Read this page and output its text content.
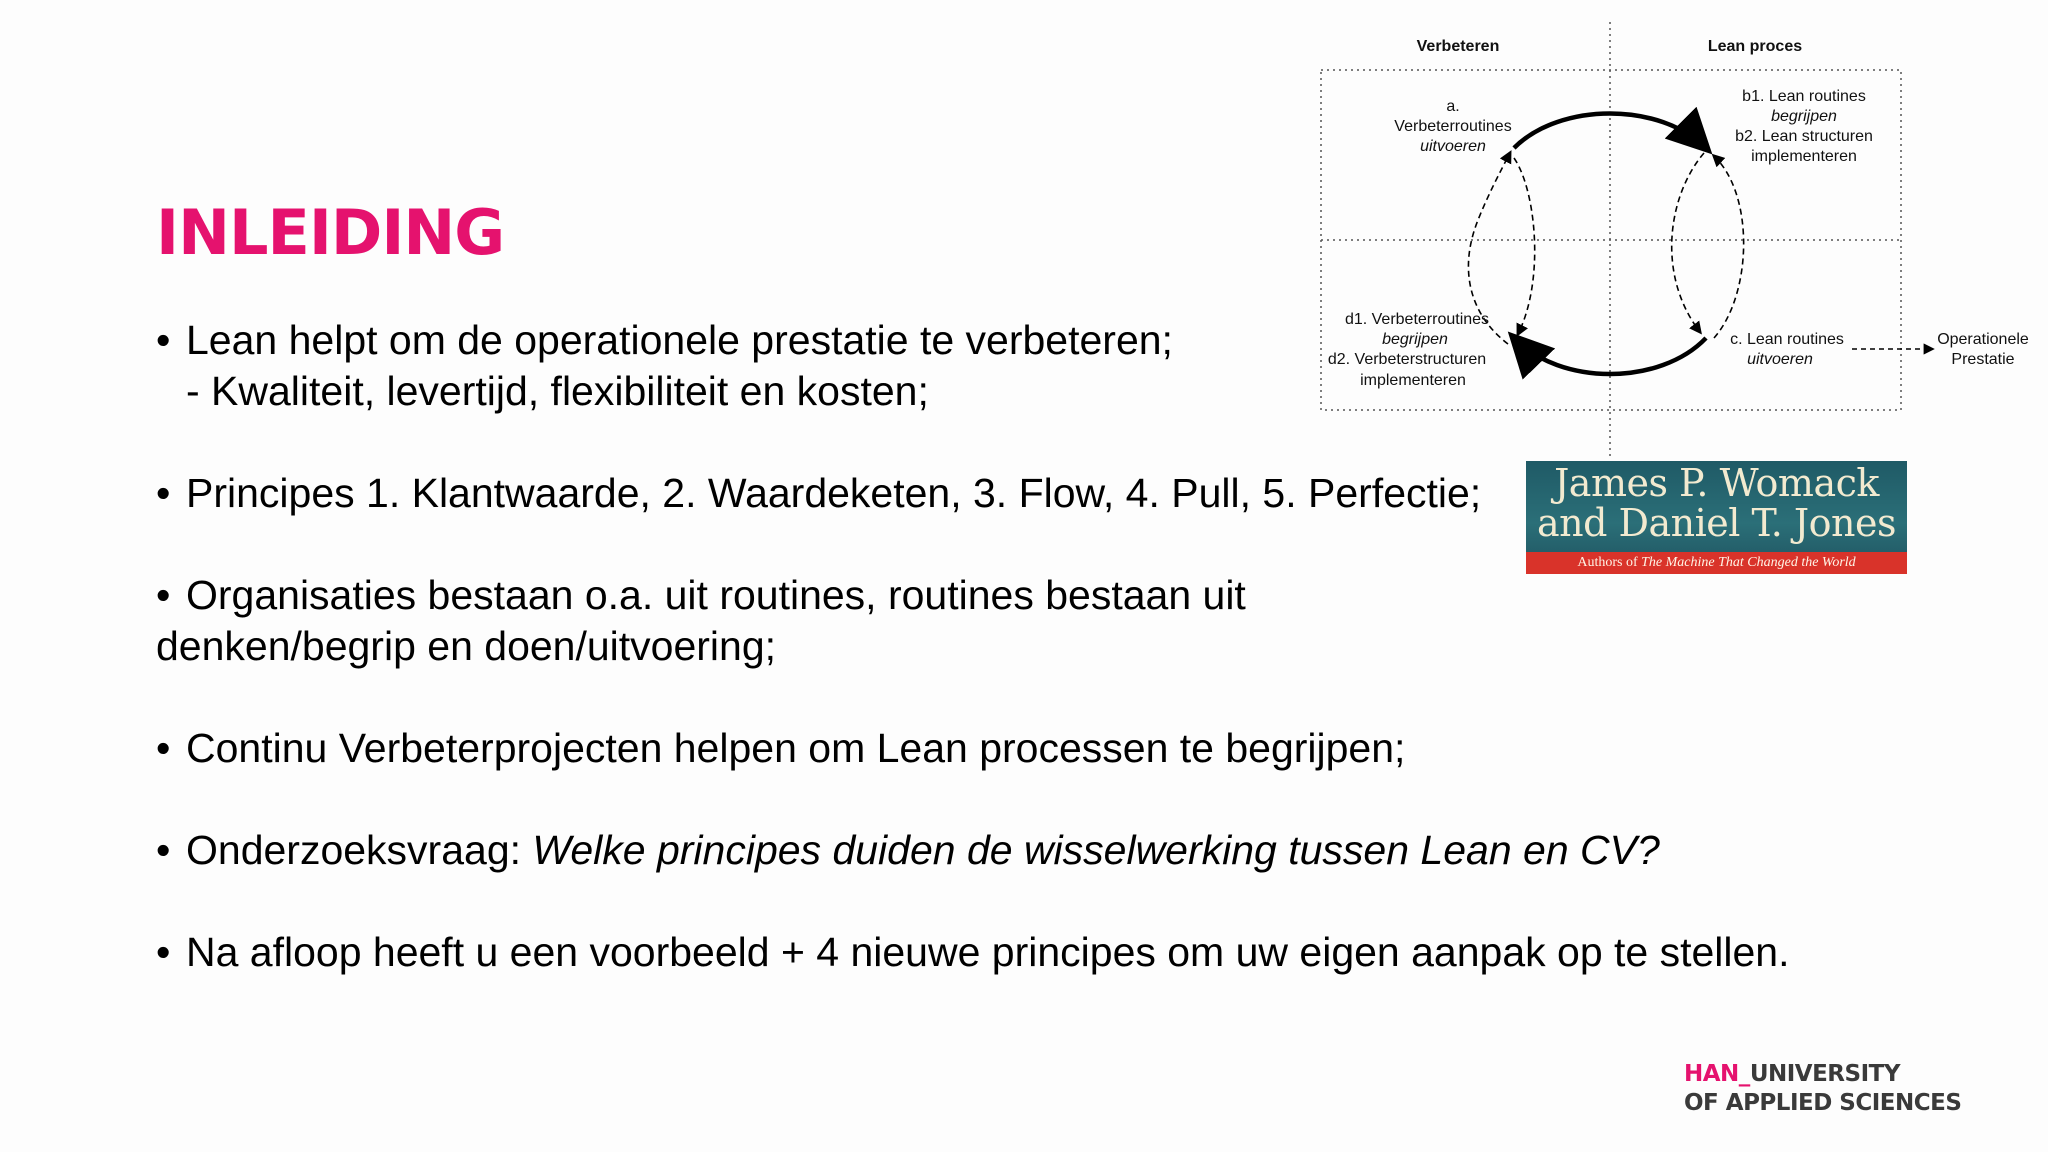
INLEIDING
• Lean helpt om de operationele prestatie te verbeteren;
- Kwaliteit, levertijd, flexibiliteit en kosten;
• Principes 1. Klantwaarde, 2. Waardeketen, 3. Flow, 4. Pull, 5. Perfectie;
• Organisaties bestaan o.a. uit routines, routines bestaan uit
denken/begrip en doen/uitvoering;
• Continu Verbeterprojecten helpen om Lean processen te begrijpen;
• Onderzoeksvraag: Welke principes duiden de wisselwerking tussen Lean en CV?
• Na afloop heeft u een voorbeeld + 4 nieuwe principes om uw eigen aanpak op te stellen.
Verbeteren	Lean proces
a.
Verbeterroutines
uitvoeren
b1. Lean routines
begrijpen
b2. Lean structuren
implementeren
c. Lean routines
uitvoeren
d1. Verbeterroutines
begrijpen
d2. Verbeterstructuren
implementeren
Operationele
Prestatie
James P. Womack
and Daniel T. Jones
Authors of The Machine That Changed the World
HAN_UNIVERSITY
OF APPLIED SCIENCES
